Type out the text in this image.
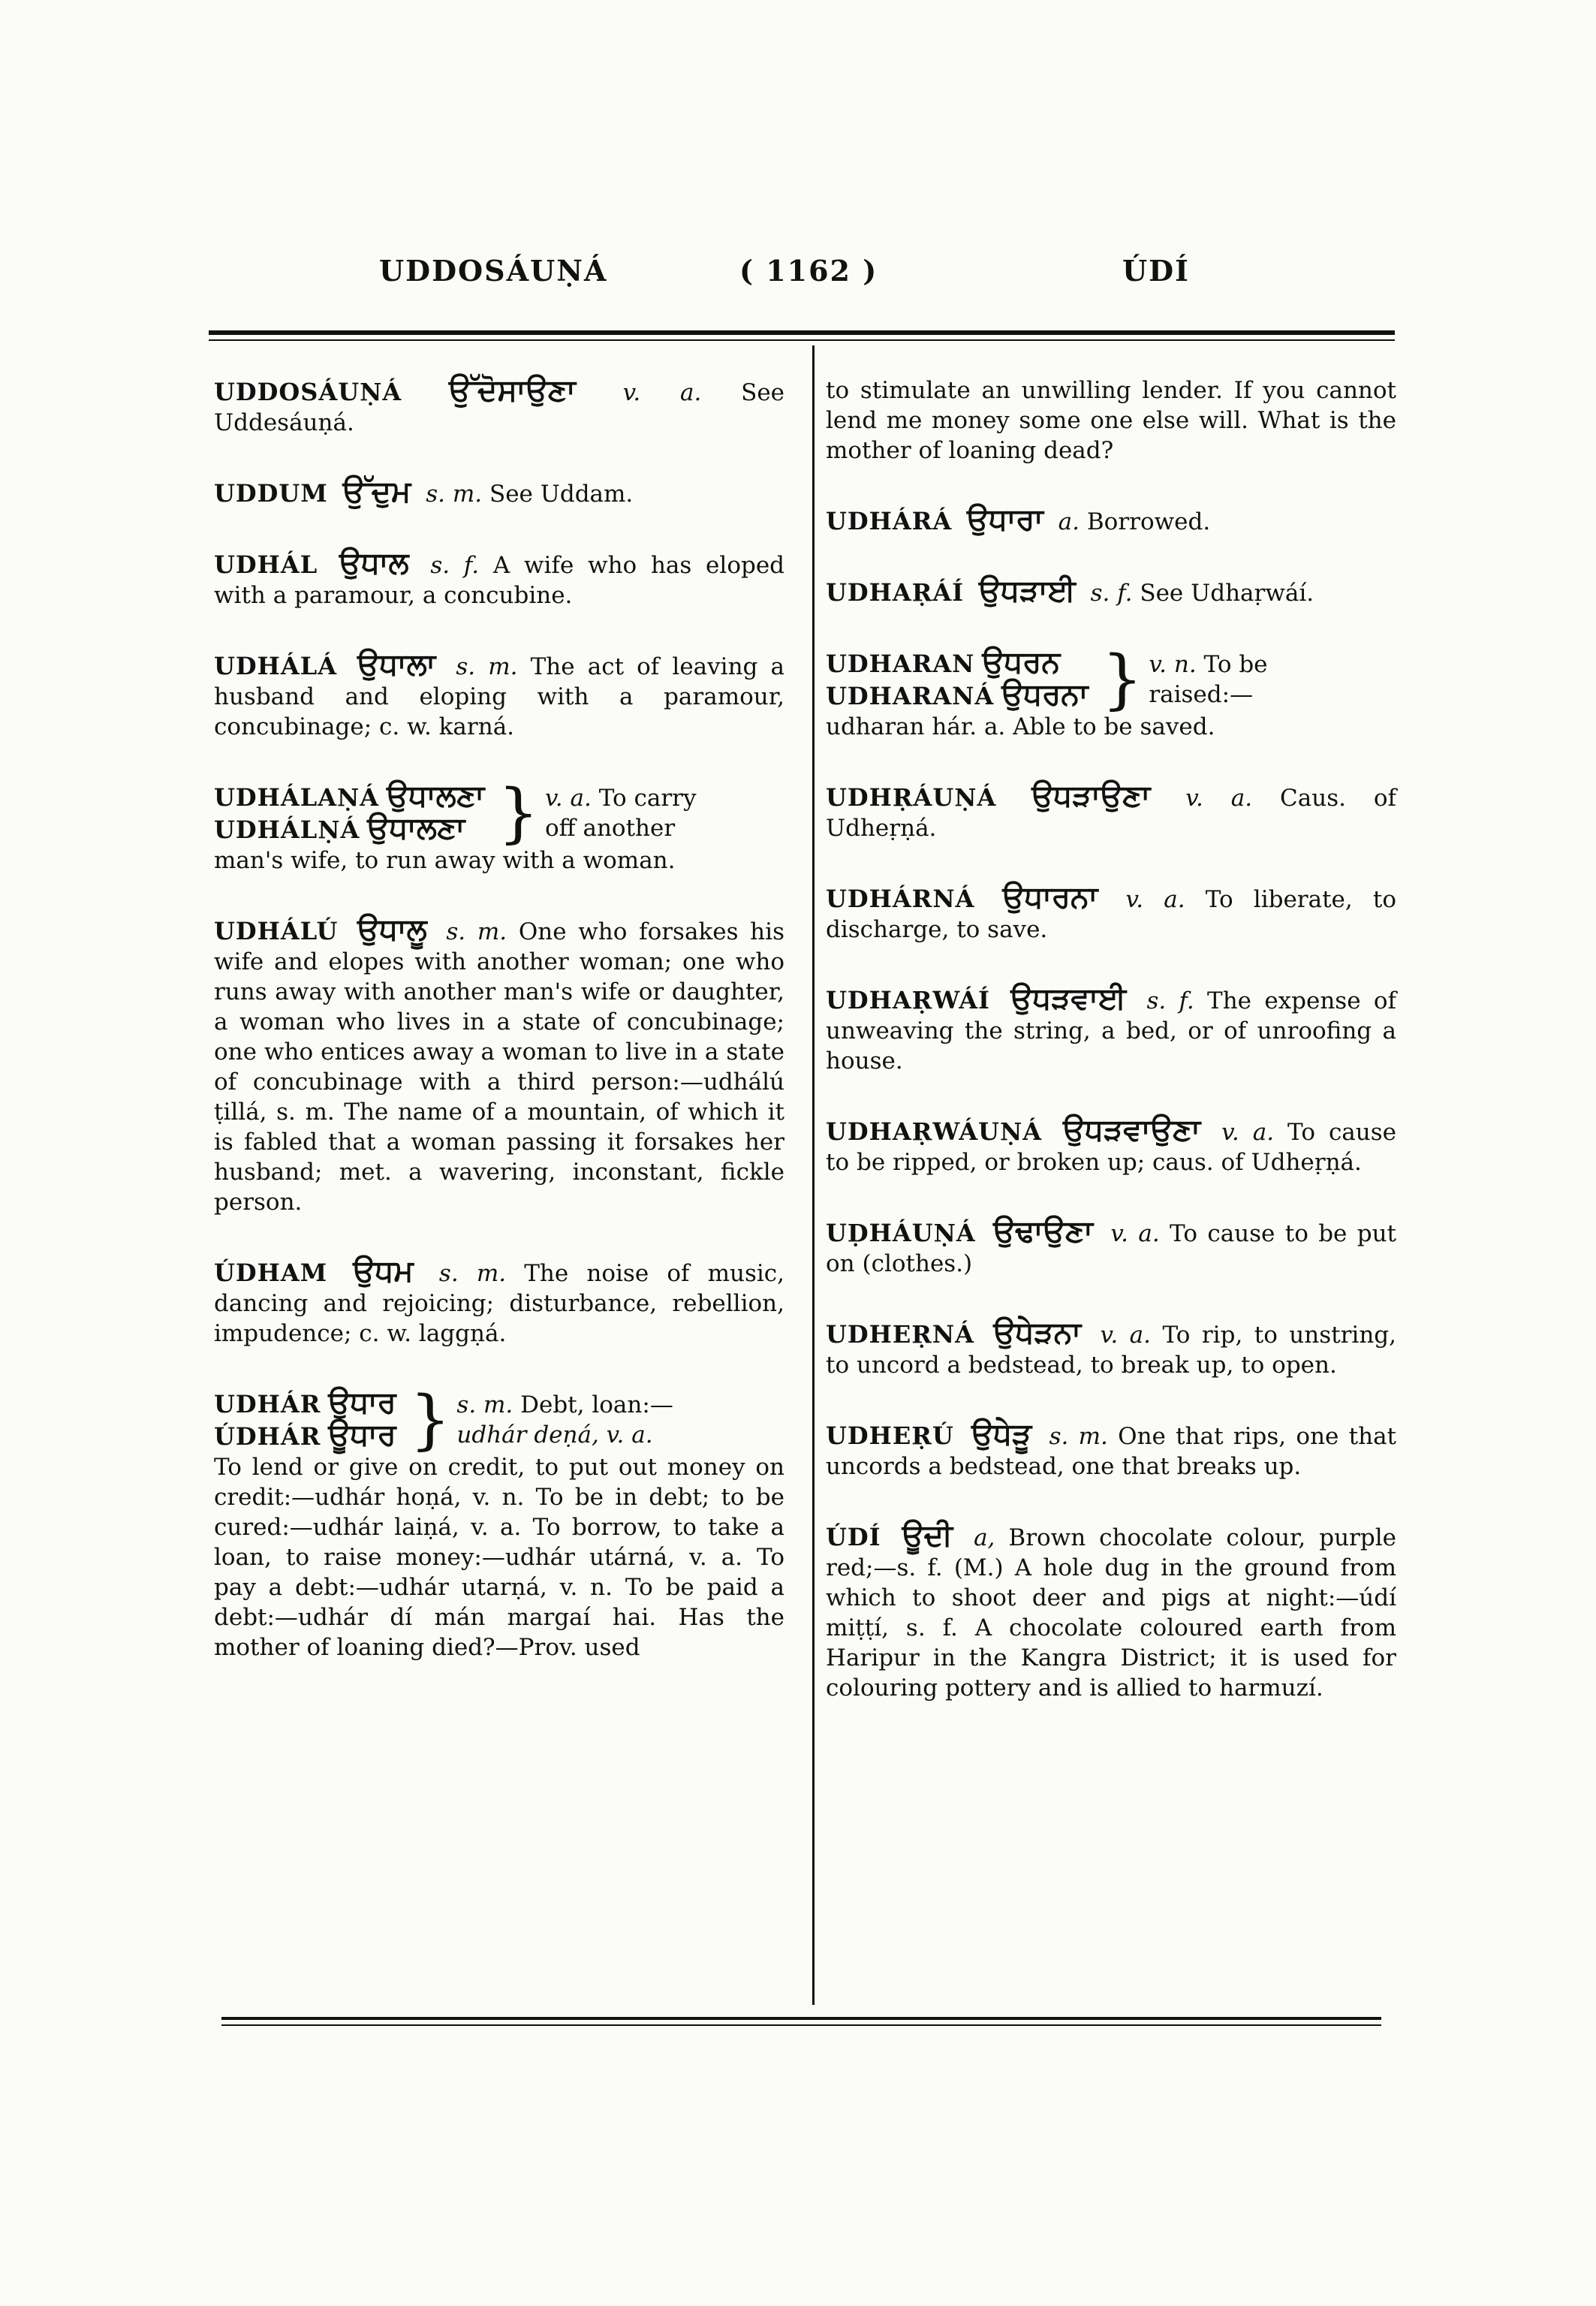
UDDOSÁUṆÁ	( 1162 )	ÚDÍ
UDDOSÁUṆÁ ਉੱਦੋਸਾਉਣਾ v. a. See Uddesáuṇá.
UDDUM ਉੱਦੁਮ s. m. See Uddam.
UDHÁL ਉਧਾਲ s. f. A wife who has eloped with a paramour, a concubine.
UDHÁLÁ ਉਧਾਲਾ s. m. The act of leaving a husband and eloping with a paramour, concubinage; c. w. karná.
UDHÁLAṆÁ ਉਧਾਲਣਾ
UDHÁLṆÁ ਉਧਾਲਣਾ } v. a. To carry
off another
man's wife, to run away with a woman.
UDHÁLÚ ਉਧਾਲੂ s. m. One who forsakes his wife and elopes with another woman; one who runs away with another man's wife or daughter, a woman who lives in a state of concubinage; one who entices away a woman to live in a state of concubinage with a third person:—udhálú ṭillá, s. m. The name of a mountain, of which it is fabled that a woman passing it forsakes her husband; met. a wavering, inconstant, fickle person.
ÚDHAM ਉਧਮ s. m. The noise of music, dancing and rejoicing; disturbance, rebellion, impudence; c. w. laggṇá.
UDHÁR ਉਧਾਰ
ÚDHÁR ਊਧਾਰ } s. m. Debt, loan:—
udhár deṇá, v. a.
To lend or give on credit, to put out money on credit:—udhár hoṇá, v. n. To be in debt; to be cured:—udhár laiṇá, v. a. To borrow, to take a loan, to raise money:—udhár utárná, v. a. To pay a debt:—udhár utarṇá, v. n. To be paid a debt:—udhár dí mán margaí hai. Has the mother of loaning died?—Prov. used
to stimulate an unwilling lender. If you cannot lend me money some one else will. What is the mother of loaning dead?
UDHÁRÁ ਉਧਾਰਾ a. Borrowed.
UDHAṚÁÍ ਉਧੜਾਈ s. f. See Udhaṛwáí.
UDHARAN ਉਧਰਨ
UDHARANÁ ਉਧਰਨਾ } v. n. To be
raised:—
udharan hár. a. Able to be saved.
UDHṚÁUṆÁ ਉਧੜਾਉਣਾ v. a. Caus. of Udheṛṇá.
UDHÁRNÁ ਉਧਾਰਨਾ v. a. To liberate, to discharge, to save.
UDHAṚWÁÍ ਉਧੜਵਾਈ s. f. The expense of unweaving the string, a bed, or of unroofing a house.
UDHAṚWÁUṆÁ ਉਧੜਵਾਉਣਾ v. a. To cause to be ripped, or broken up; caus. of Udheṛṇá.
UḌHÁUṆÁ ਉਢਾਉਣਾ v. a. To cause to be put on (clothes.)
UDHEṚNÁ ਉਧੇੜਨਾ v. a. To rip, to unstring, to uncord a bedstead, to break up, to open.
UDHEṚÚ ਉਧੇੜੂ s. m. One that rips, one that uncords a bedstead, one that breaks up.
ÚDÍ ਊਦੀ a, Brown chocolate colour, purple red;—s. f. (M.) A hole dug in the ground from which to shoot deer and pigs at night:—údí miṭṭí, s. f. A chocolate coloured earth from Haripur in the Kangra District; it is used for colouring pottery and is allied to harmuzí.
